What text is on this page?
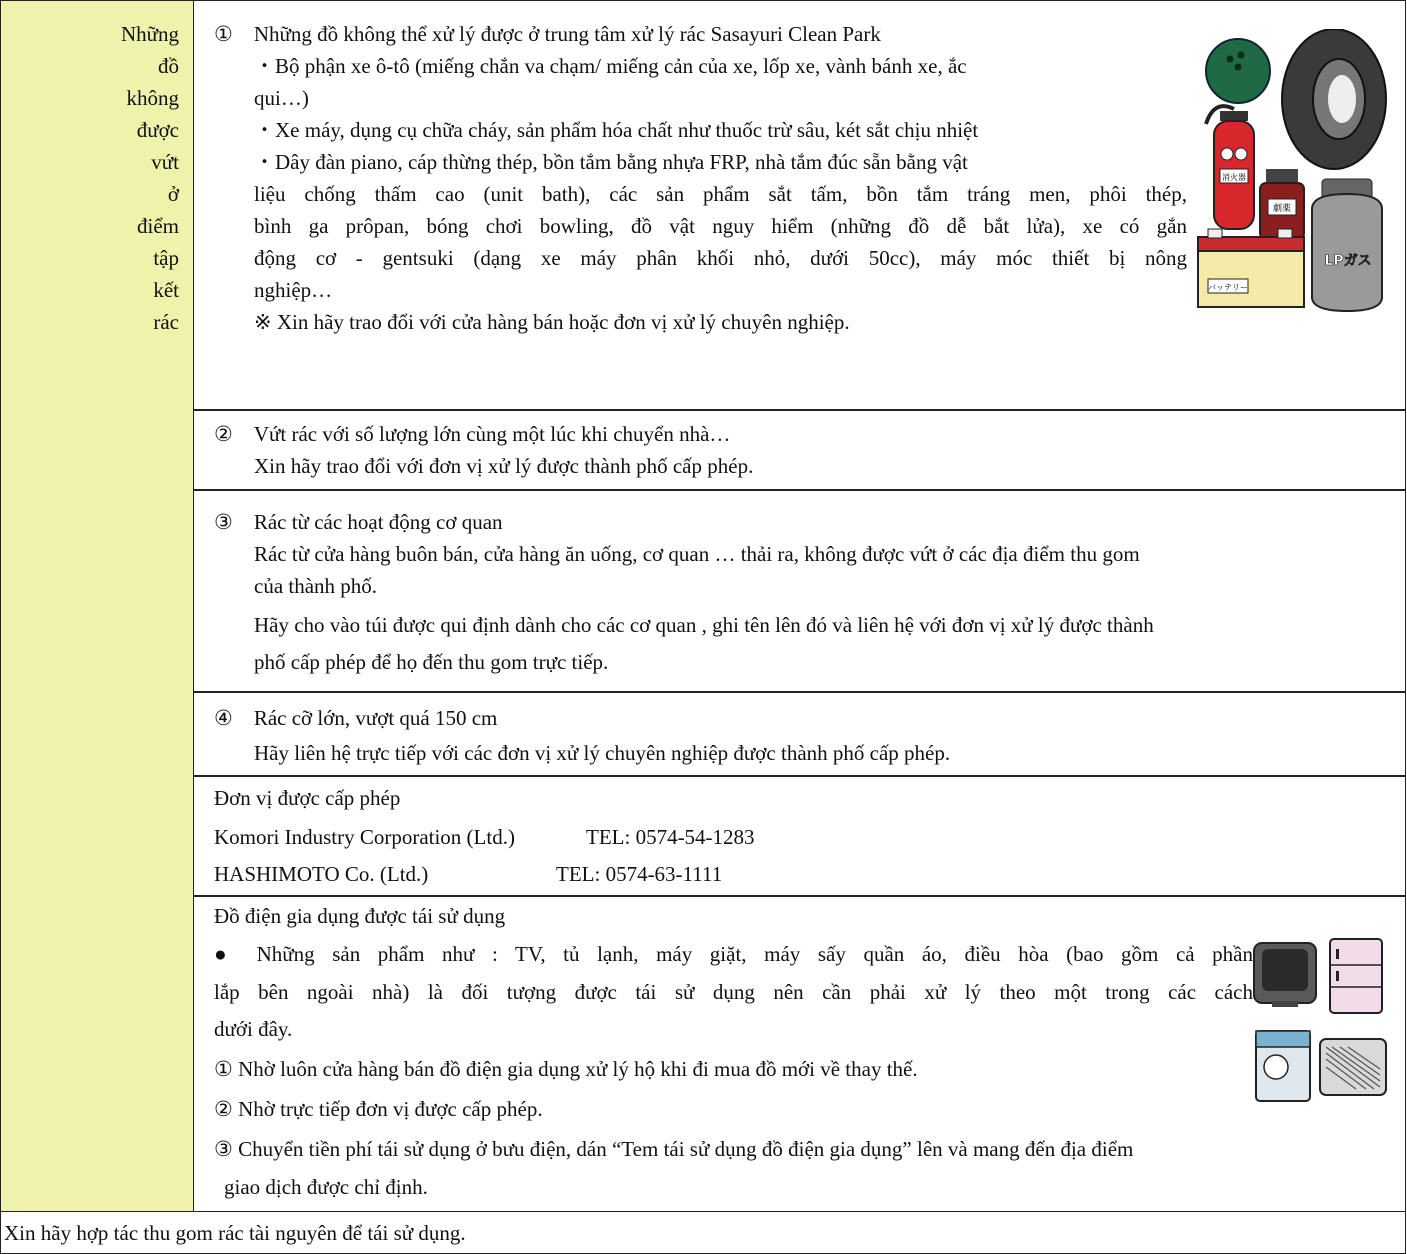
Những
đồ
không
được
vứt
ở
điểm
tập
kết
rác
①　Những đồ không thể xử lý được ở trung tâm xử lý rác Sasayuri Clean Park
・Bộ phận xe ô-tô (miếng chắn va chạm/ miếng cản của xe, lốp xe, vành bánh xe, ắc
qui…)
・Xe máy, dụng cụ chữa cháy, sản phẩm hóa chất như thuốc trừ sâu, két sắt chịu nhiệt
・Dây đàn piano, cáp thừng thép, bồn tắm bằng nhựa FRP, nhà tắm đúc sẵn bằng vật
liệu chống thấm cao (unit bath), các sản phẩm sắt tấm, bồn tắm tráng men, phôi thép,
bình ga prôpan, bóng chơi bowling, đồ vật nguy hiểm (những đồ dễ bắt lửa), xe có gắn
động cơ - gentsuki (dạng xe máy phân khối nhỏ, dưới 50cc), máy móc thiết bị nông
nghiệp…
※ Xin hãy trao đổi với cửa hàng bán hoặc đơn vị xử lý chuyên nghiệp.
消火器
劇薬
LPガス
バッテリー
②　Vứt rác với số lượng lớn cùng một lúc khi chuyển nhà…
Xin hãy trao đổi với đơn vị xử lý được thành phố cấp phép.
③　Rác từ các hoạt động cơ quan
Rác từ cửa hàng buôn bán, cửa hàng ăn uống, cơ quan … thải ra, không được vứt ở các địa điểm thu gom
của thành phố.
Hãy cho vào túi được qui định dành cho các cơ quan , ghi tên lên đó và liên hệ với đơn vị xử lý được thành
phố cấp phép để họ đến thu gom trực tiếp.
④　Rác cỡ lớn, vượt quá 150 cm
Hãy liên hệ trực tiếp với các đơn vị xử lý chuyên nghiệp được thành phố cấp phép.
Đơn vị được cấp phép
Komori Industry Corporation (Ltd.)	TEL: 0574-54-1283
HASHIMOTO Co. (Ltd.)	TEL: 0574-63-1111
Đồ điện gia dụng được tái sử dụng
● Những sản phẩm như : TV, tủ lạnh, máy giặt, máy sấy quần áo, điều hòa (bao gồm cả phần
lắp bên ngoài nhà) là đối tượng được tái sử dụng nên cần phải xử lý theo một trong các cách
dưới đây.
① Nhờ luôn cửa hàng bán đồ điện gia dụng xử lý hộ khi đi mua đồ mới về thay thế.
② Nhờ trực tiếp đơn vị được cấp phép.
③ Chuyển tiền phí tái sử dụng ở bưu điện, dán “Tem tái sử dụng đồ điện gia dụng” lên và mang đến địa điểm
giao dịch được chỉ định.
Xin hãy hợp tác thu gom rác tài nguyên để tái sử dụng.
